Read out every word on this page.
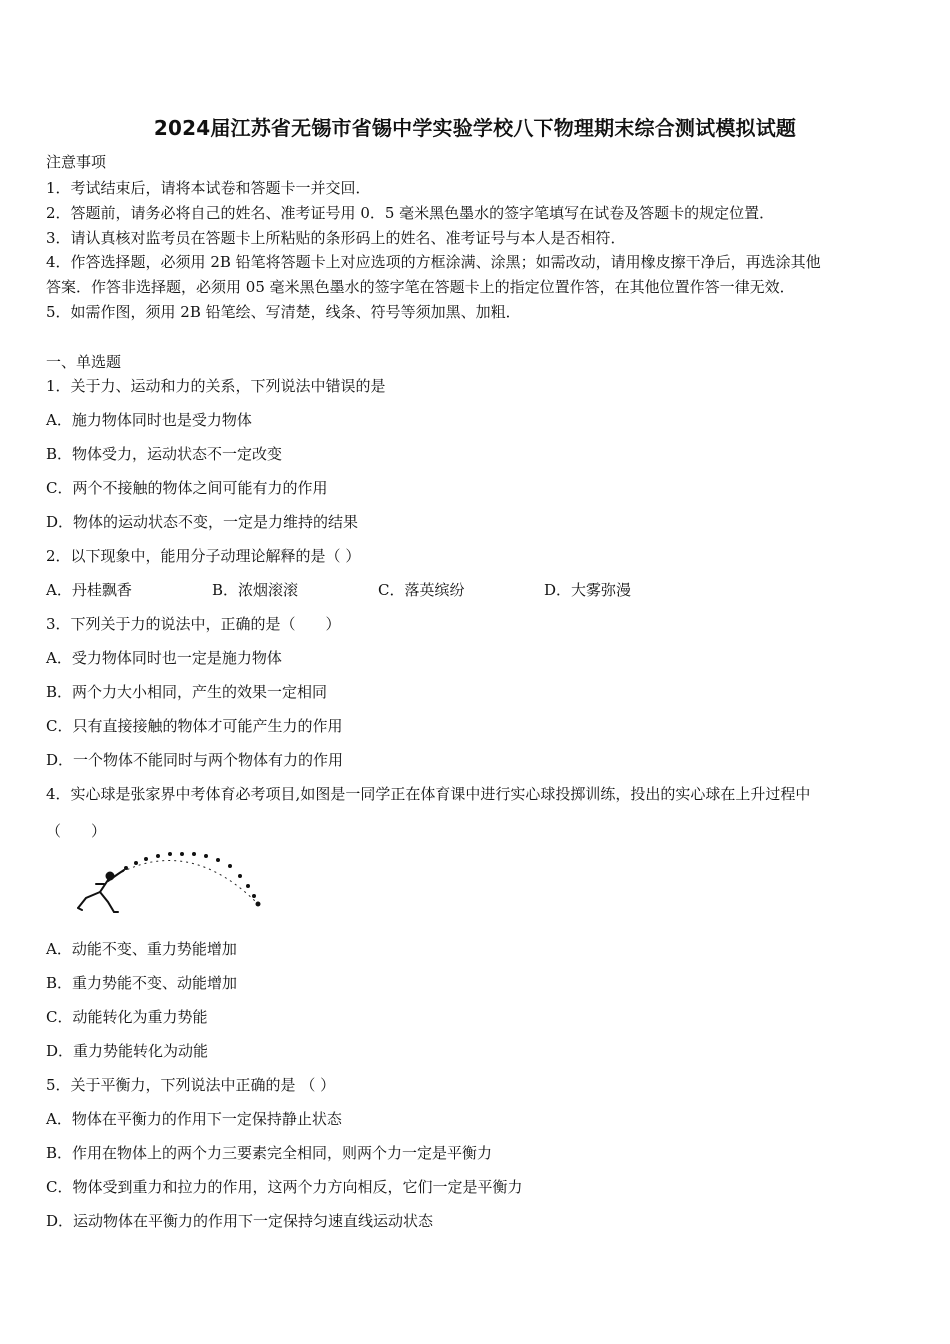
2024届江苏省无锡市省锡中学实验学校八下物理期末综合测试模拟试题
注意事项
1．考试结束后，请将本试卷和答题卡一并交回．
2．答题前，请务必将自己的姓名、准考证号用 0．5 毫米黑色墨水的签字笔填写在试卷及答题卡的规定位置．
3．请认真核对监考员在答题卡上所粘贴的条形码上的姓名、准考证号与本人是否相符．
4．作答选择题，必须用 2B 铅笔将答题卡上对应选项的方框涂满、涂黑；如需改动，请用橡皮擦干净后，再选涂其他
答案．作答非选择题，必须用 05 毫米黑色墨水的签字笔在答题卡上的指定位置作答，在其他位置作答一律无效．
5．如需作图，须用 2B 铅笔绘、写清楚，线条、符号等须加黑、加粗．
一、单选题
1．关于力、运动和力的关系，下列说法中错误的是
A．施力物体同时也是受力物体
B．物体受力，运动状态不一定改变
C．两个不接触的物体之间可能有力的作用
D．物体的运动状态不变，一定是力维持的结果
2．以下现象中，能用分子动理论解释的是（ ）
A．丹桂飘香	B．浓烟滚滚	C．落英缤纷	D．大雾弥漫
3．下列关于力的说法中，正确的是（　　）
A．受力物体同时也一定是施力物体
B．两个力大小相同，产生的效果一定相同
C．只有直接接触的物体才可能产生力的作用
D．一个物体不能同时与两个物体有力的作用
4．实心球是张家界中考体育必考项目,如图是一同学正在体育课中进行实心球投掷训练，投出的实心球在上升过程中
（　　）
A．动能不变、重力势能增加
B．重力势能不变、动能增加
C．动能转化为重力势能
D．重力势能转化为动能
5．关于平衡力，下列说法中正确的是 （ ）
A．物体在平衡力的作用下一定保持静止状态
B．作用在物体上的两个力三要素完全相同，则两个力一定是平衡力
C．物体受到重力和拉力的作用，这两个力方向相反，它们一定是平衡力
D．运动物体在平衡力的作用下一定保持匀速直线运动状态
